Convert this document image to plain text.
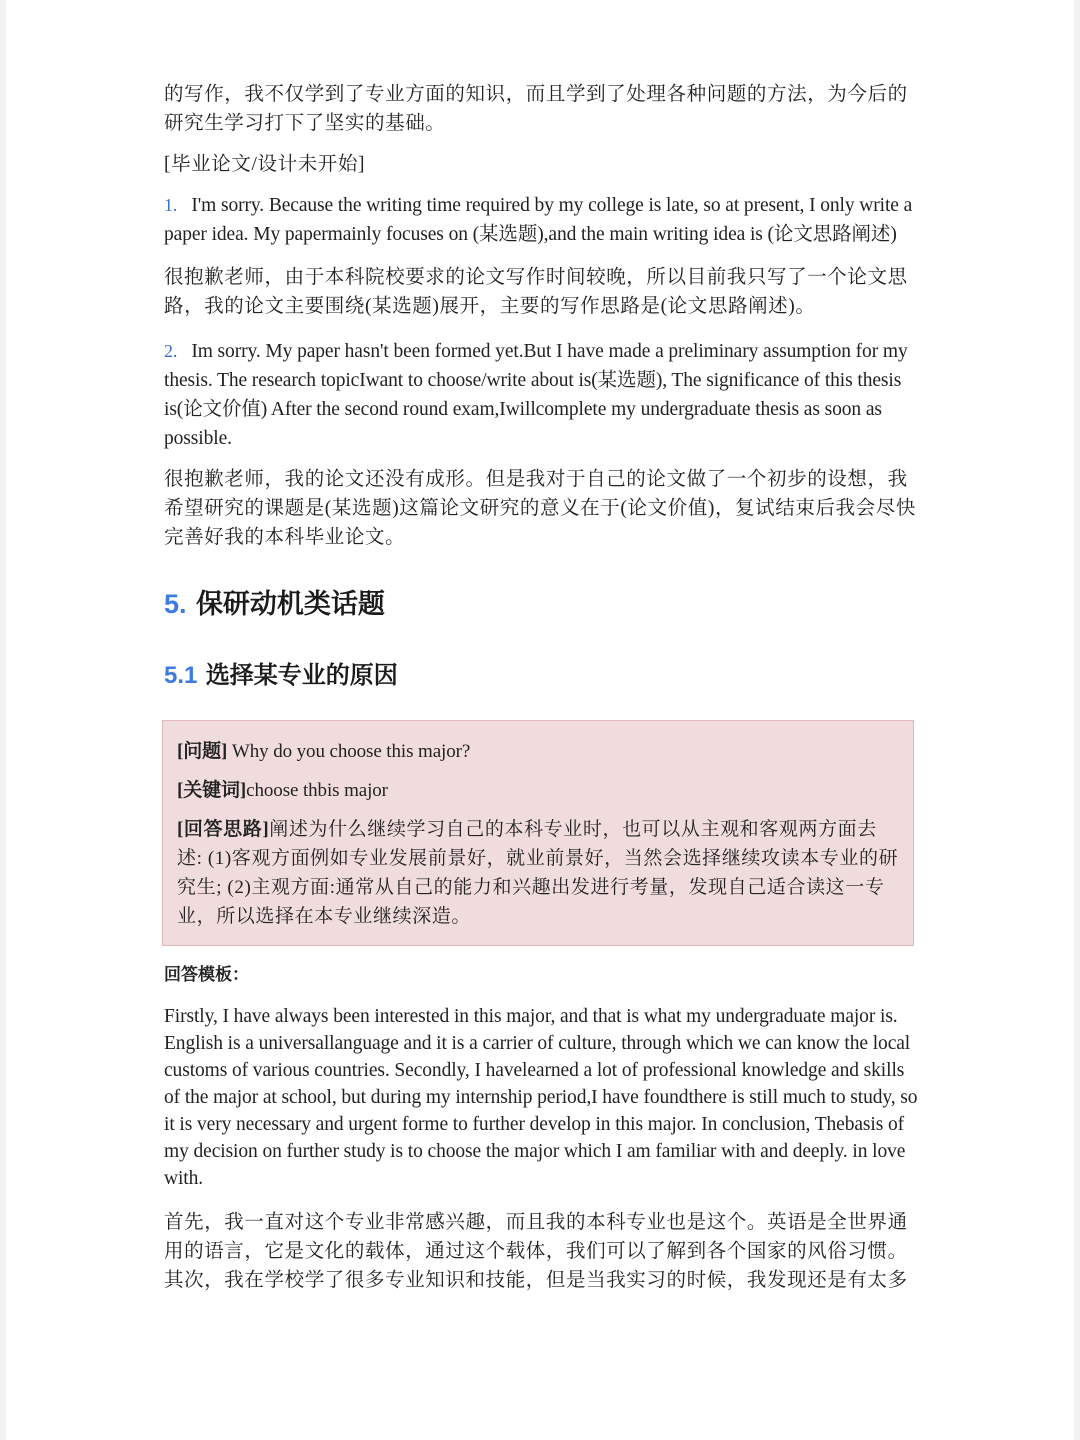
的写作，我不仅学到了专业方面的知识，而且学到了处理各种问题的方法，为今后的研究生学习打下了坚实的基础。

[毕业论文/设计未开始]

1. I'm sorry. Because the writing time required by my college is late, so at present, I only write a paper idea. My papermainly focuses on (某选题),and the main writing idea is (论文思路阐述)

很抱歉老师，由于本科院校要求的论文写作时间较晚，所以目前我只写了一个论文思路，我的论文主要围绕(某选题)展开，主要的写作思路是(论文思路阐述)。

2. Im sorry. My paper hasn't been formed yet.But I have made a preliminary assumption for my thesis. The research topicIwant to choose/write about is(某选题), The significance of this thesis is(论文价值) After the second round exam,Iwillcomplete my undergraduate thesis as soon as possible.

很抱歉老师，我的论文还没有成形。但是我对于自己的论文做了一个初步的设想，我希望研究的课题是(某选题)这篇论文研究的意义在于(论文价值)，复试结束后我会尽快完善好我的本科毕业论文。

5. 保研动机类话题
5.1 选择某专业的原因

[问题] Why do you choose this major?

[关键词]choose thbis major

[回答思路]阐述为什么继续学习自己的本科专业时，也可以从主观和客观两方面去述: (1)客观方面例如专业发展前景好，就业前景好，当然会选择继续攻读本专业的研究生; (2)主观方面:通常从自己的能力和兴趣出发进行考量，发现自己适合读这一专业，所以选择在本专业继续深造。

回答模板：

Firstly, I have always been interested in this major, and that is what my undergraduate major is. English is a universallanguage and it is a carrier of culture, through which we can know the local customs of various countries. Secondly, I havelearned a lot of professional knowledge and skills of the major at school, but during my internship period,I have foundthere is still much to study, so it is very necessary and urgent forme to further develop in this major. In conclusion, Thebasis of my decision on further study is to choose the major which I am familiar with and deeply. in love with.

首先，我一直对这个专业非常感兴趣，而且我的本科专业也是这个。英语是全世界通用的语言，它是文化的载体，通过这个载体，我们可以了解到各个国家的风俗习惯。其次，我在学校学了很多专业知识和技能，但是当我实习的时候，我发现还是有太多
